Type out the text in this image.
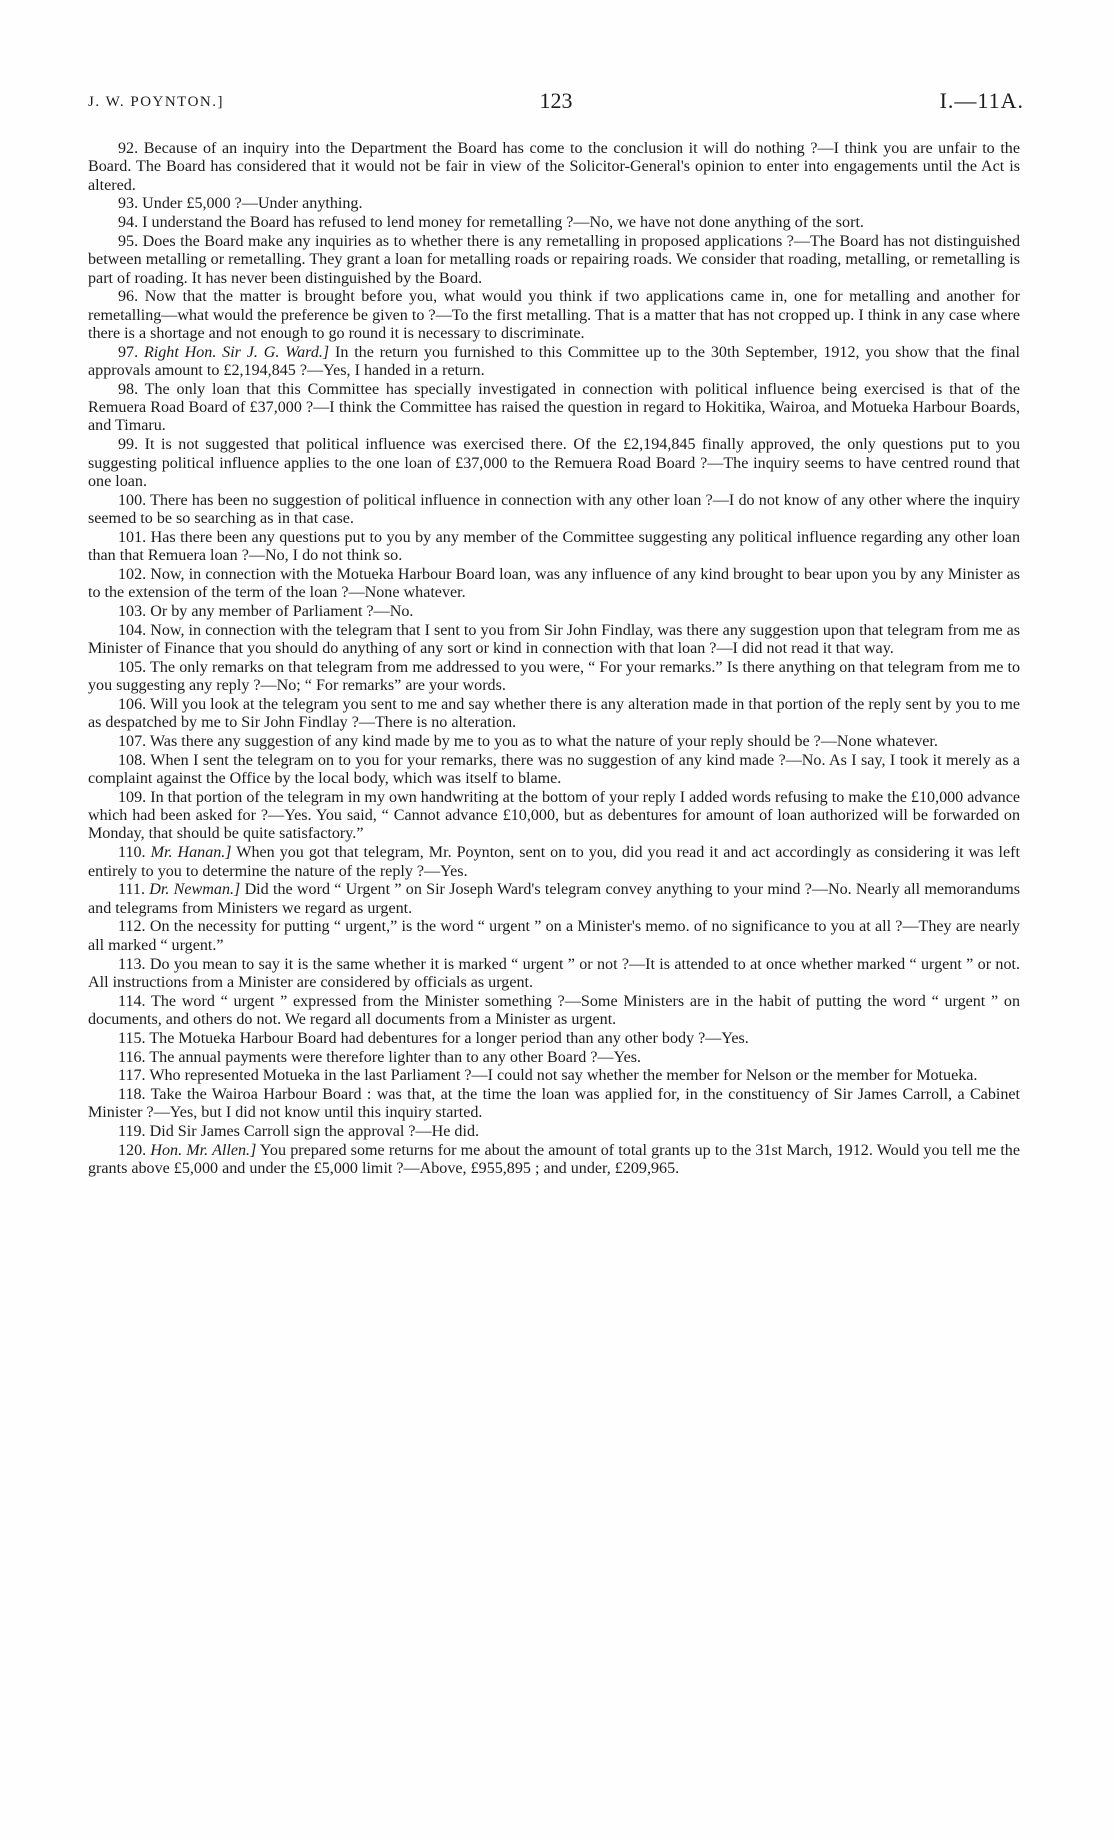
J. W. POYNTON.]	123	I.—11A.

92. Because of an inquiry into the Department the Board has come to the conclusion it will do nothing ?—I think you are unfair to the Board. The Board has considered that it would not be fair in view of the Solicitor-General's opinion to enter into engagements until the Act is altered.

93. Under £5,000 ?—Under anything.

94. I understand the Board has refused to lend money for remetalling ?—No, we have not done anything of the sort.

95. Does the Board make any inquiries as to whether there is any remetalling in proposed applications ?—The Board has not distinguished between metalling or remetalling. They grant a loan for metalling roads or repairing roads. We consider that roading, metalling, or remetalling is part of roading. It has never been distinguished by the Board.

96. Now that the matter is brought before you, what would you think if two applications came in, one for metalling and another for remetalling—what would the preference be given to ?—To the first metalling. That is a matter that has not cropped up. I think in any case where there is a shortage and not enough to go round it is necessary to discriminate.

97. Right Hon. Sir J. G. Ward.] In the return you furnished to this Committee up to the 30th September, 1912, you show that the final approvals amount to £2,194,845 ?—Yes, I handed in a return.

98. The only loan that this Committee has specially investigated in connection with political influence being exercised is that of the Remuera Road Board of £37,000 ?—I think the Committee has raised the question in regard to Hokitika, Wairoa, and Motueka Harbour Boards, and Timaru.

99. It is not suggested that political influence was exercised there. Of the £2,194,845 finally approved, the only questions put to you suggesting political influence applies to the one loan of £37,000 to the Remuera Road Board ?—The inquiry seems to have centred round that one loan.

100. There has been no suggestion of political influence in connection with any other loan ?—I do not know of any other where the inquiry seemed to be so searching as in that case.

101. Has there been any questions put to you by any member of the Committee suggesting any political influence regarding any other loan than that Remuera loan ?—No, I do not think so.

102. Now, in connection with the Motueka Harbour Board loan, was any influence of any kind brought to bear upon you by any Minister as to the extension of the term of the loan ?—None whatever.

103. Or by any member of Parliament ?—No.

104. Now, in connection with the telegram that I sent to you from Sir John Findlay, was there any suggestion upon that telegram from me as Minister of Finance that you should do anything of any sort or kind in connection with that loan ?—I did not read it that way.

105. The only remarks on that telegram from me addressed to you were, “ For your remarks.” Is there anything on that telegram from me to you suggesting any reply ?—No; “ For remarks” are your words.

106. Will you look at the telegram you sent to me and say whether there is any alteration made in that portion of the reply sent by you to me as despatched by me to Sir John Findlay ?—There is no alteration.

107. Was there any suggestion of any kind made by me to you as to what the nature of your reply should be ?—None whatever.

108. When I sent the telegram on to you for your remarks, there was no suggestion of any kind made ?—No. As I say, I took it merely as a complaint against the Office by the local body, which was itself to blame.

109. In that portion of the telegram in my own handwriting at the bottom of your reply I added words refusing to make the £10,000 advance which had been asked for ?—Yes. You said, “ Cannot advance £10,000, but as debentures for amount of loan authorized will be forwarded on Monday, that should be quite satisfactory.”

110. Mr. Hanan.] When you got that telegram, Mr. Poynton, sent on to you, did you read it and act accordingly as considering it was left entirely to you to determine the nature of the reply ?—Yes.

111. Dr. Newman.] Did the word “ Urgent ” on Sir Joseph Ward's telegram convey anything to your mind ?—No. Nearly all memorandums and telegrams from Ministers we regard as urgent.

112. On the necessity for putting “ urgent,” is the word “ urgent ” on a Minister's memo. of no significance to you at all ?—They are nearly all marked “ urgent.”

113. Do you mean to say it is the same whether it is marked “ urgent ” or not ?—It is attended to at once whether marked “ urgent ” or not. All instructions from a Minister are considered by officials as urgent.

114. The word “ urgent ” expressed from the Minister something ?—Some Ministers are in the habit of putting the word “ urgent ” on documents, and others do not. We regard all documents from a Minister as urgent.

115. The Motueka Harbour Board had debentures for a longer period than any other body ?—Yes.

116. The annual payments were therefore lighter than to any other Board ?—Yes.

117. Who represented Motueka in the last Parliament ?—I could not say whether the member for Nelson or the member for Motueka.

118. Take the Wairoa Harbour Board : was that, at the time the loan was applied for, in the constituency of Sir James Carroll, a Cabinet Minister ?—Yes, but I did not know until this inquiry started.

119. Did Sir James Carroll sign the approval ?—He did.

120. Hon. Mr. Allen.] You prepared some returns for me about the amount of total grants up to the 31st March, 1912. Would you tell me the grants above £5,000 and under the £5,000 limit ?—Above, £955,895 ; and under, £209,965.
